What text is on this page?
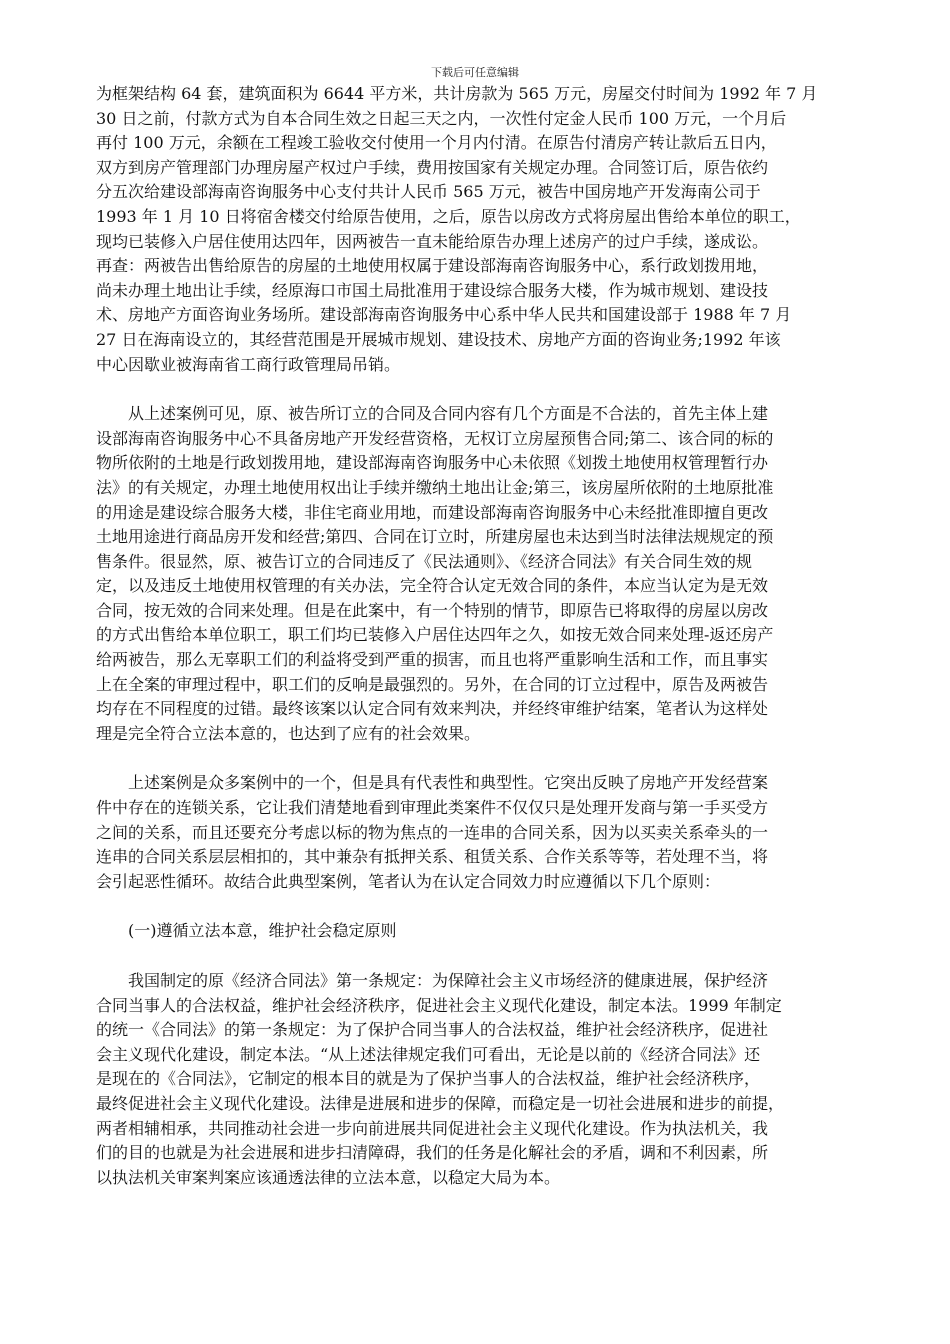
下载后可任意编辑
为框架结构 64 套，建筑面积为 6644 平方米，共计房款为 565 万元，房屋交付时间为 1992 年 7 月
30 日之前，付款方式为自本合同生效之日起三天之内，一次性付定金人民币 100 万元，一个月后
再付 100 万元，余额在工程竣工验收交付使用一个月内付清。在原告付清房产转让款后五日内，
双方到房产管理部门办理房屋产权过户手续，费用按国家有关规定办理。合同签订后，原告依约
分五次给建设部海南咨询服务中心支付共计人民币 565 万元，被告中国房地产开发海南公司于
1993 年 1 月 10 日将宿舍楼交付给原告使用，之后，原告以房改方式将房屋出售给本单位的职工，
现均已装修入户居住使用达四年，因两被告一直未能给原告办理上述房产的过户手续，遂成讼。
再查：两被告出售给原告的房屋的土地使用权属于建设部海南咨询服务中心，系行政划拨用地，
尚未办理土地出让手续，经原海口市国土局批准用于建设综合服务大楼，作为城市规划、建设技
术、房地产方面咨询业务场所。建设部海南咨询服务中心系中华人民共和国建设部于 1988 年 7 月
27 日在海南设立的，其经营范围是开展城市规划、建设技术、房地产方面的咨询业务;1992 年该
中心因歇业被海南省工商行政管理局吊销。
　　从上述案例可见，原、被告所订立的合同及合同内容有几个方面是不合法的，首先主体上建
设部海南咨询服务中心不具备房地产开发经营资格，无权订立房屋预售合同;第二、该合同的标的
物所依附的土地是行政划拨用地，建设部海南咨询服务中心未依照《划拨土地使用权管理暂行办
法》的有关规定，办理土地使用权出让手续并缴纳土地出让金;第三，该房屋所依附的土地原批准
的用途是建设综合服务大楼，非住宅商业用地，而建设部海南咨询服务中心未经批准即擅自更改
土地用途进行商品房开发和经营;第四、合同在订立时，所建房屋也未达到当时法律法规规定的预
售条件。很显然，原、被告订立的合同违反了《民法通则》、《经济合同法》有关合同生效的规
定，以及违反土地使用权管理的有关办法，完全符合认定无效合同的条件，本应当认定为是无效
合同，按无效的合同来处理。但是在此案中，有一个特别的情节，即原告已将取得的房屋以房改
的方式出售给本单位职工，职工们均已装修入户居住达四年之久，如按无效合同来处理-返还房产
给两被告，那么无辜职工们的利益将受到严重的损害，而且也将严重影响生活和工作，而且事实
上在全案的审理过程中，职工们的反响是最强烈的。另外，在合同的订立过程中，原告及两被告
均存在不同程度的过错。最终该案以认定合同有效来判决，并经终审维护结案，笔者认为这样处
理是完全符合立法本意的，也达到了应有的社会效果。
　　上述案例是众多案例中的一个，但是具有代表性和典型性。它突出反映了房地产开发经营案
件中存在的连锁关系，它让我们清楚地看到审理此类案件不仅仅只是处理开发商与第一手买受方
之间的关系，而且还要充分考虑以标的物为焦点的一连串的合同关系，因为以买卖关系牵头的一
连串的合同关系层层相扣的，其中兼杂有抵押关系、租赁关系、合作关系等等，若处理不当，将
会引起恶性循环。故结合此典型案例，笔者认为在认定合同效力时应遵循以下几个原则：
　　(一)遵循立法本意，维护社会稳定原则
　　我国制定的原《经济合同法》第一条规定：为保障社会主义市场经济的健康进展，保护经济
合同当事人的合法权益，维护社会经济秩序，促进社会主义现代化建设，制定本法。1999 年制定
的统一《合同法》的第一条规定：为了保护合同当事人的合法权益，维护社会经济秩序，促进社
会主义现代化建设，制定本法。“从上述法律规定我们可看出，无论是以前的《经济合同法》还
是现在的《合同法》，它制定的根本目的就是为了保护当事人的合法权益，维护社会经济秩序，
最终促进社会主义现代化建设。法律是进展和进步的保障，而稳定是一切社会进展和进步的前提，
两者相辅相承，共同推动社会进一步向前进展共同促进社会主义现代化建设。作为执法机关，我
们的目的也就是为社会进展和进步扫清障碍，我们的任务是化解社会的矛盾，调和不利因素，所
以执法机关审案判案应该通透法律的立法本意，以稳定大局为本。
